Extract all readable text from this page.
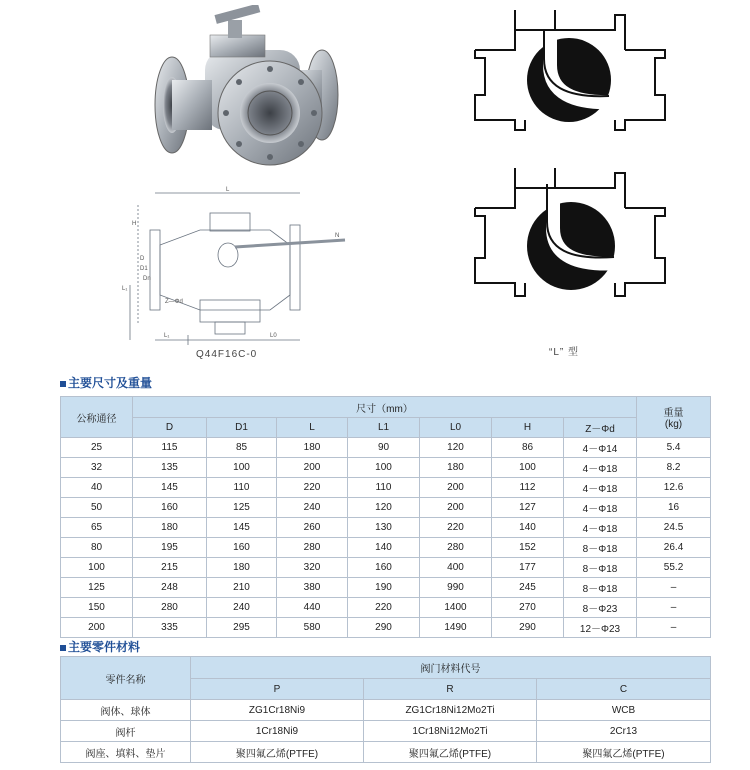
L
D
D1
Dn
Z—Φd
L₁
H
N
L₁	L0
Q44F16C-0	“L” 型
主要尺寸及重量
公称通径	尺寸（mm）							重量
(kg)
	D	D1	L	L1	L0	H	Z－Φd	
25	115	85	180	90	120	86	4－Φ14	5.4
32	135	100	200	100	180	100	4－Φ18	8.2
40	145	110	220	110	200	112	4－Φ18	12.6
50	160	125	240	120	200	127	4－Φ18	16
65	180	145	260	130	220	140	4－Φ18	24.5
80	195	160	280	140	280	152	8－Φ18	26.4
100	215	180	320	160	400	177	8－Φ18	55.2
125	248	210	380	190	990	245	8－Φ18	–
150	280	240	440	220	1400	270	8－Φ23	–
200	335	295	580	290	1490	290	12－Φ23	–
主要零件材料
零件名称	阀门材料代号		
	P	R	C
阀体、球体	ZG1Cr18Ni9	ZG1Cr18Ni12Mo2Ti	WCB
阀杆	1Cr18Ni9	1Cr18Ni12Mo2Ti	2Cr13
阀座、填料、垫片	聚四氟乙烯(PTFE)	聚四氟乙烯(PTFE)	聚四氟乙烯(PTFE)
